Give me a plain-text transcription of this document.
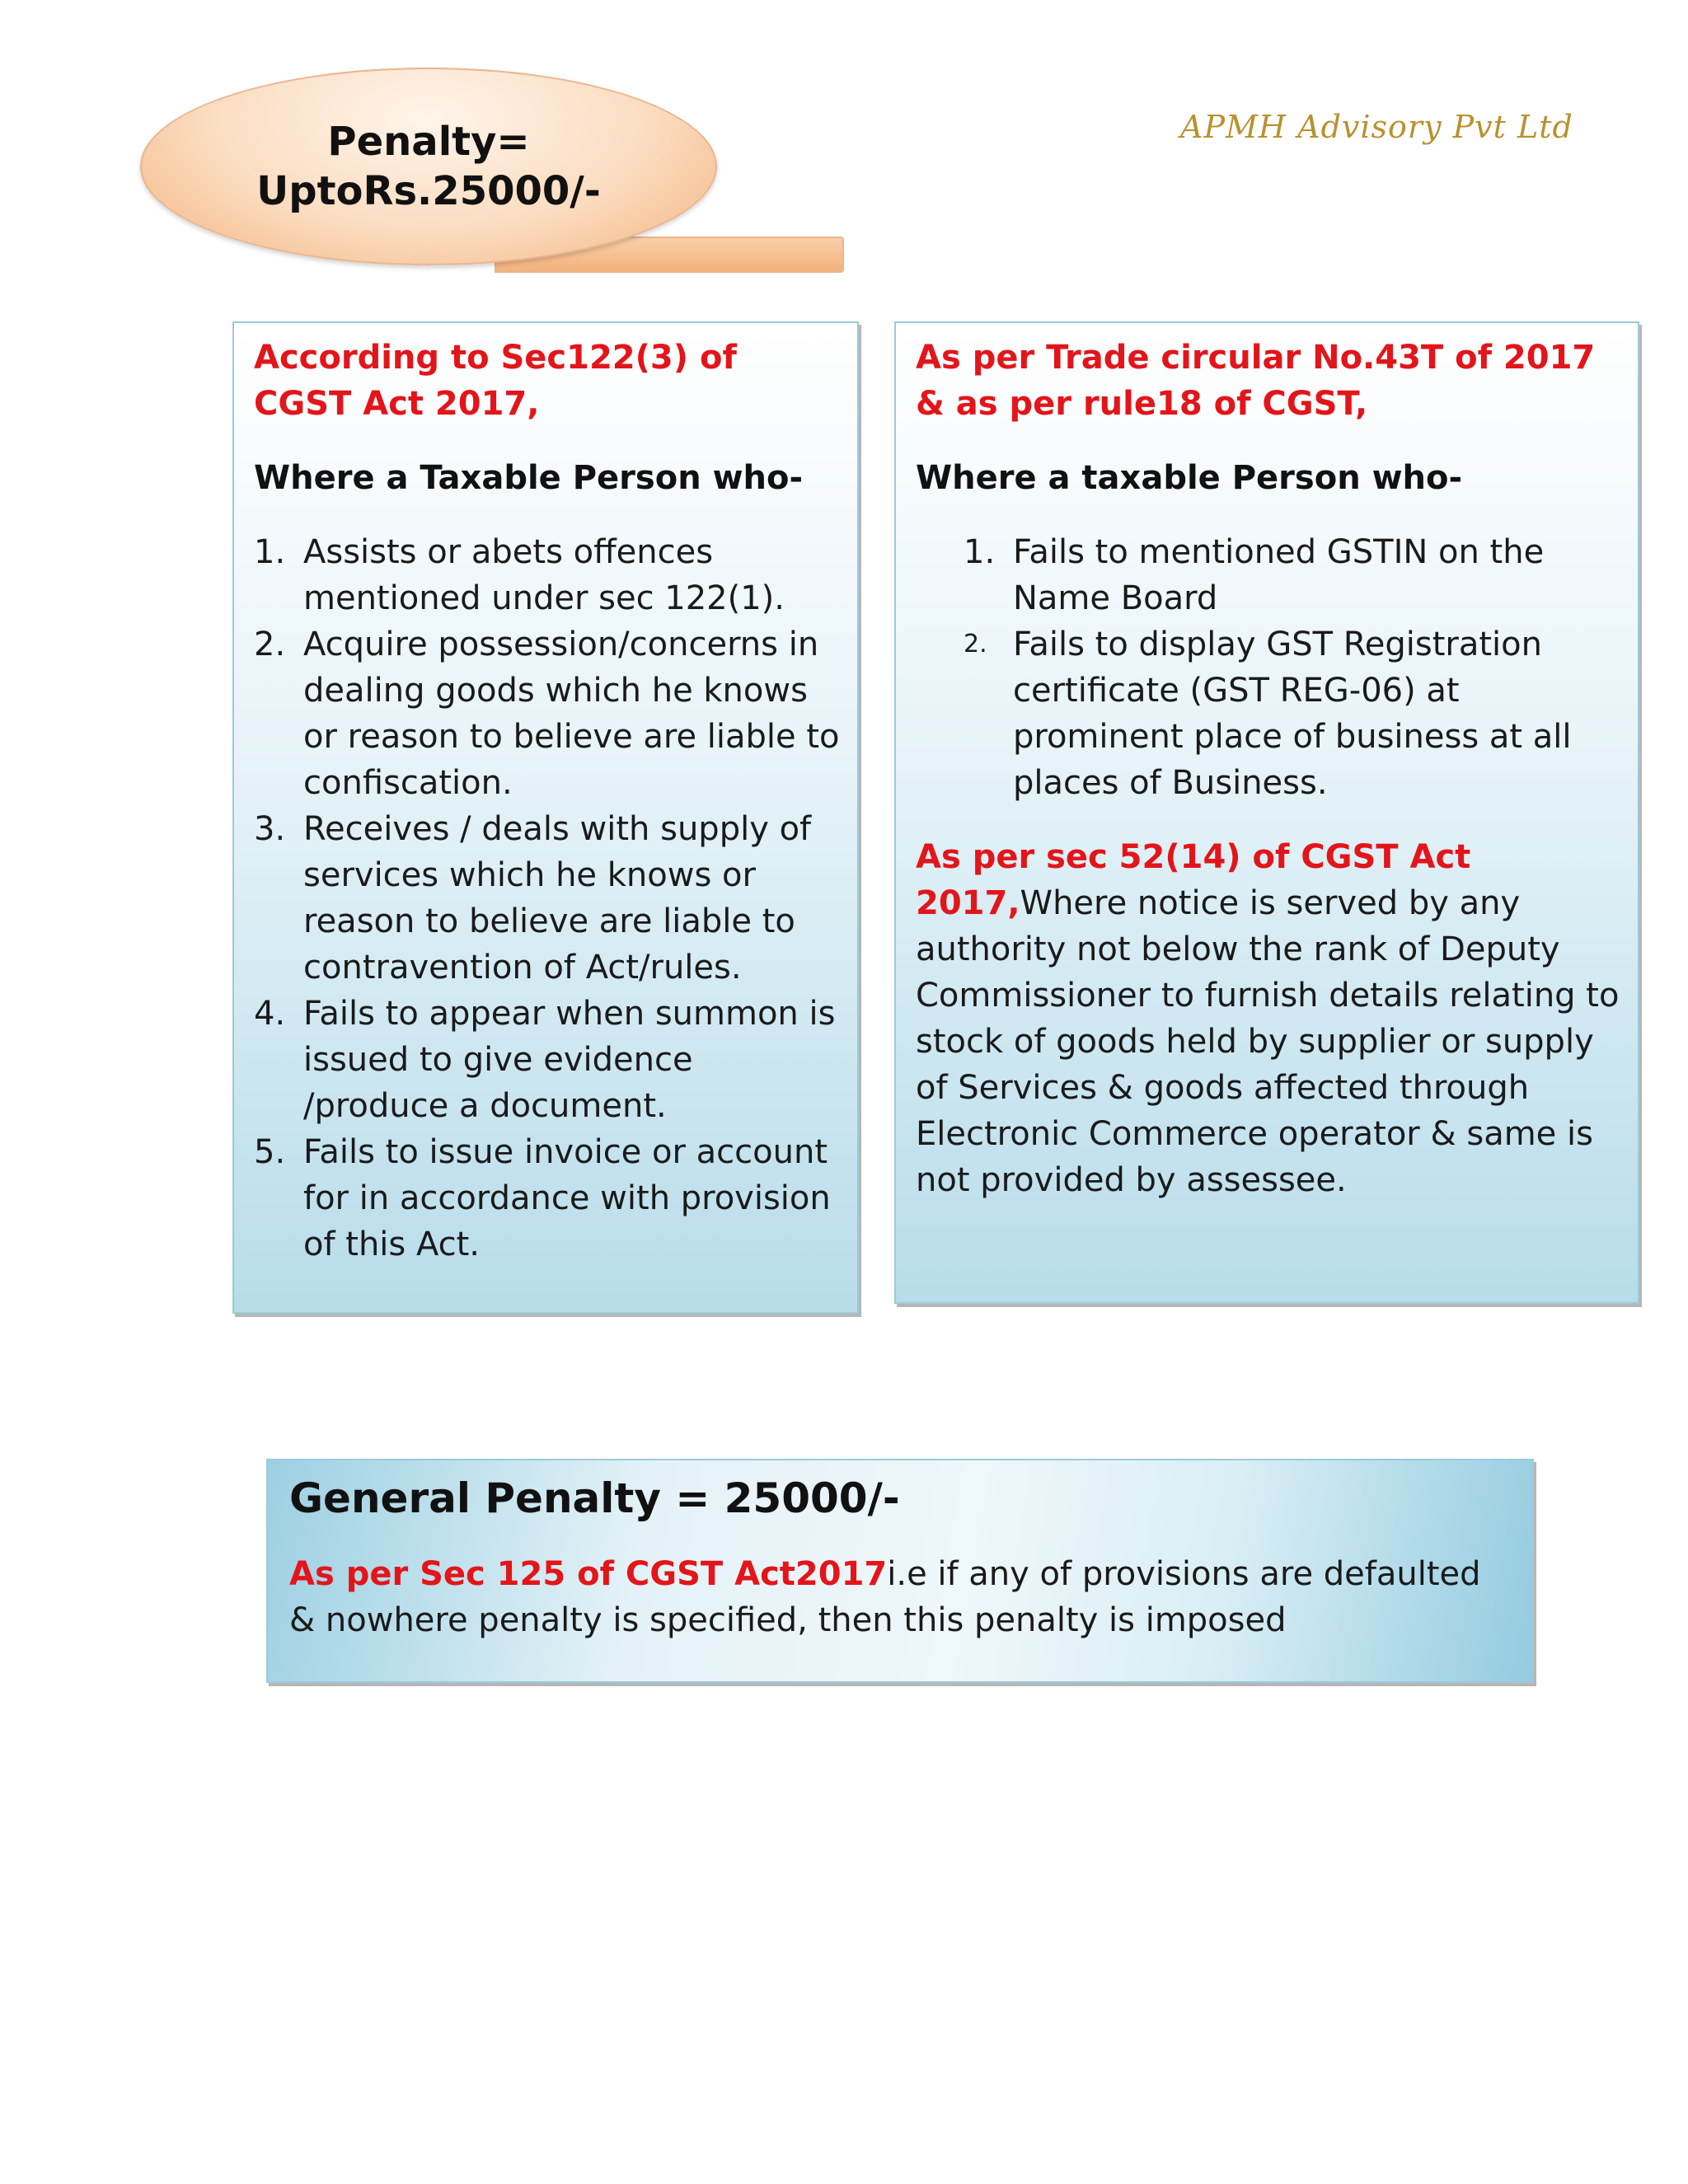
Penalty=
UptoRs.25000/-
APMH Advisory Pvt Ltd

According to Sec122(3) of CGST Act 2017,

Where a Taxable Person who-

1. Assists or abets offences mentioned under sec 122(1).
2. Acquire possession/concerns in dealing goods which he knows or reason to believe are liable to confiscation.
3. Receives / deals with supply of services which he knows or reason to believe are liable to contravention of Act/rules.
4. Fails to appear when summon is issued to give evidence /produce a document.
5. Fails to issue invoice or account for in accordance with provision of this Act.

As per Trade circular No.43T of 2017 & as per rule18 of CGST,

Where a taxable Person who-

1. Fails to mentioned GSTIN on the Name Board
2. Fails to display GST Registration certificate (GST REG-06) at prominent place of business at all places of Business.

As per sec 52(14) of CGST Act 2017,Where notice is served by any authority not below the rank of Deputy Commissioner to furnish details relating to stock of goods held by supplier or supply of Services & goods affected through Electronic Commerce operator & same is not provided by assessee.

General Penalty = 25000/-

As per Sec 125 of CGST Act2017i.e if any of provisions are defaulted & nowhere penalty is specified, then this penalty is imposed
